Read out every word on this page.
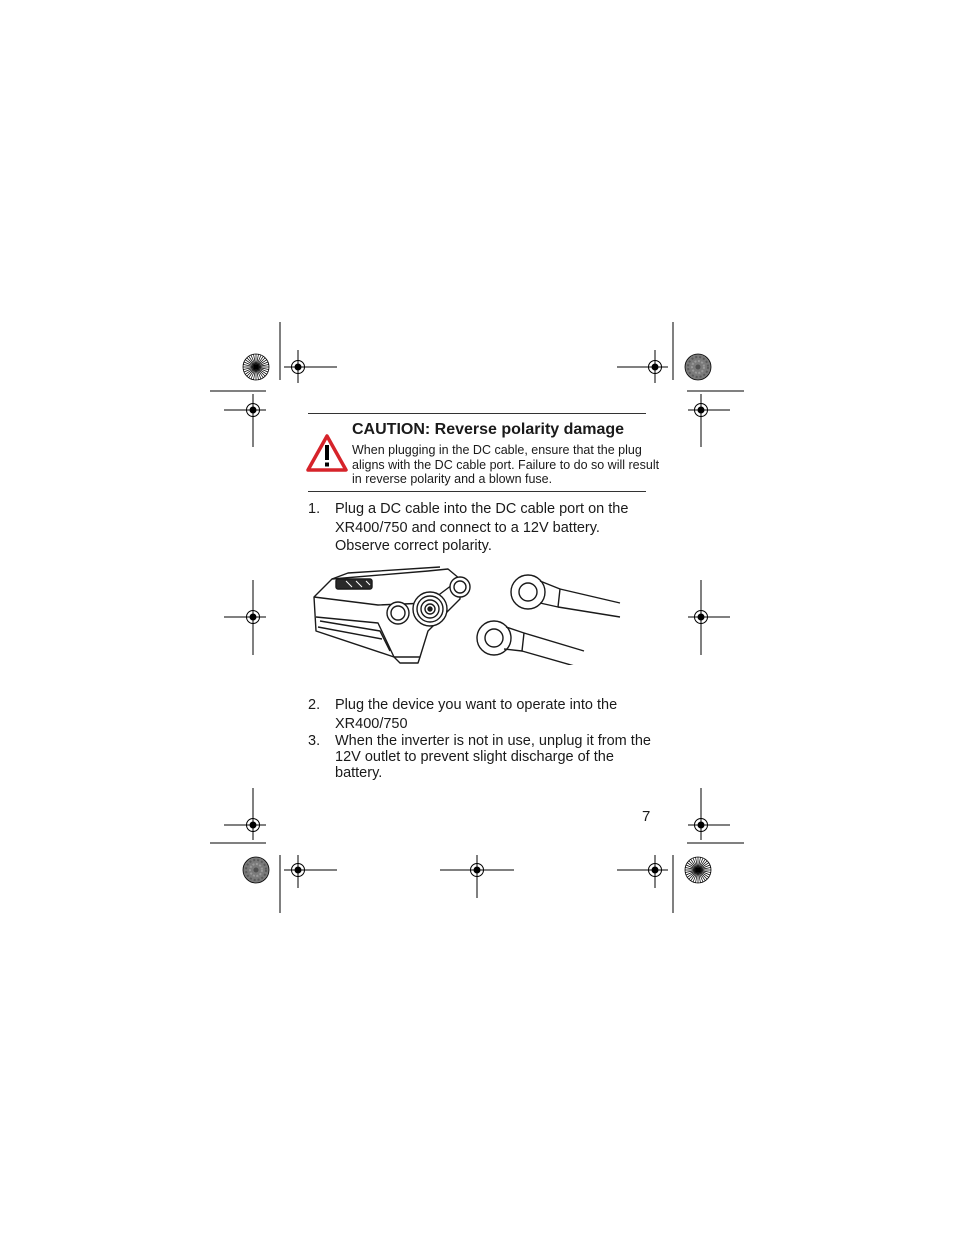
CAUTION: Reverse polarity damage
When plugging in the DC cable, ensure that the plug aligns with the DC cable port. Failure to do so will result in reverse polarity and a blown fuse.
1. Plug a DC cable into the DC cable port on the XR400/750 and connect to a 12V battery. Observe correct polarity.
2. Plug the device you want to operate into the XR400/750
3. When the inverter is not in use, unplug it from the 12V outlet to prevent slight discharge of the battery.
7
